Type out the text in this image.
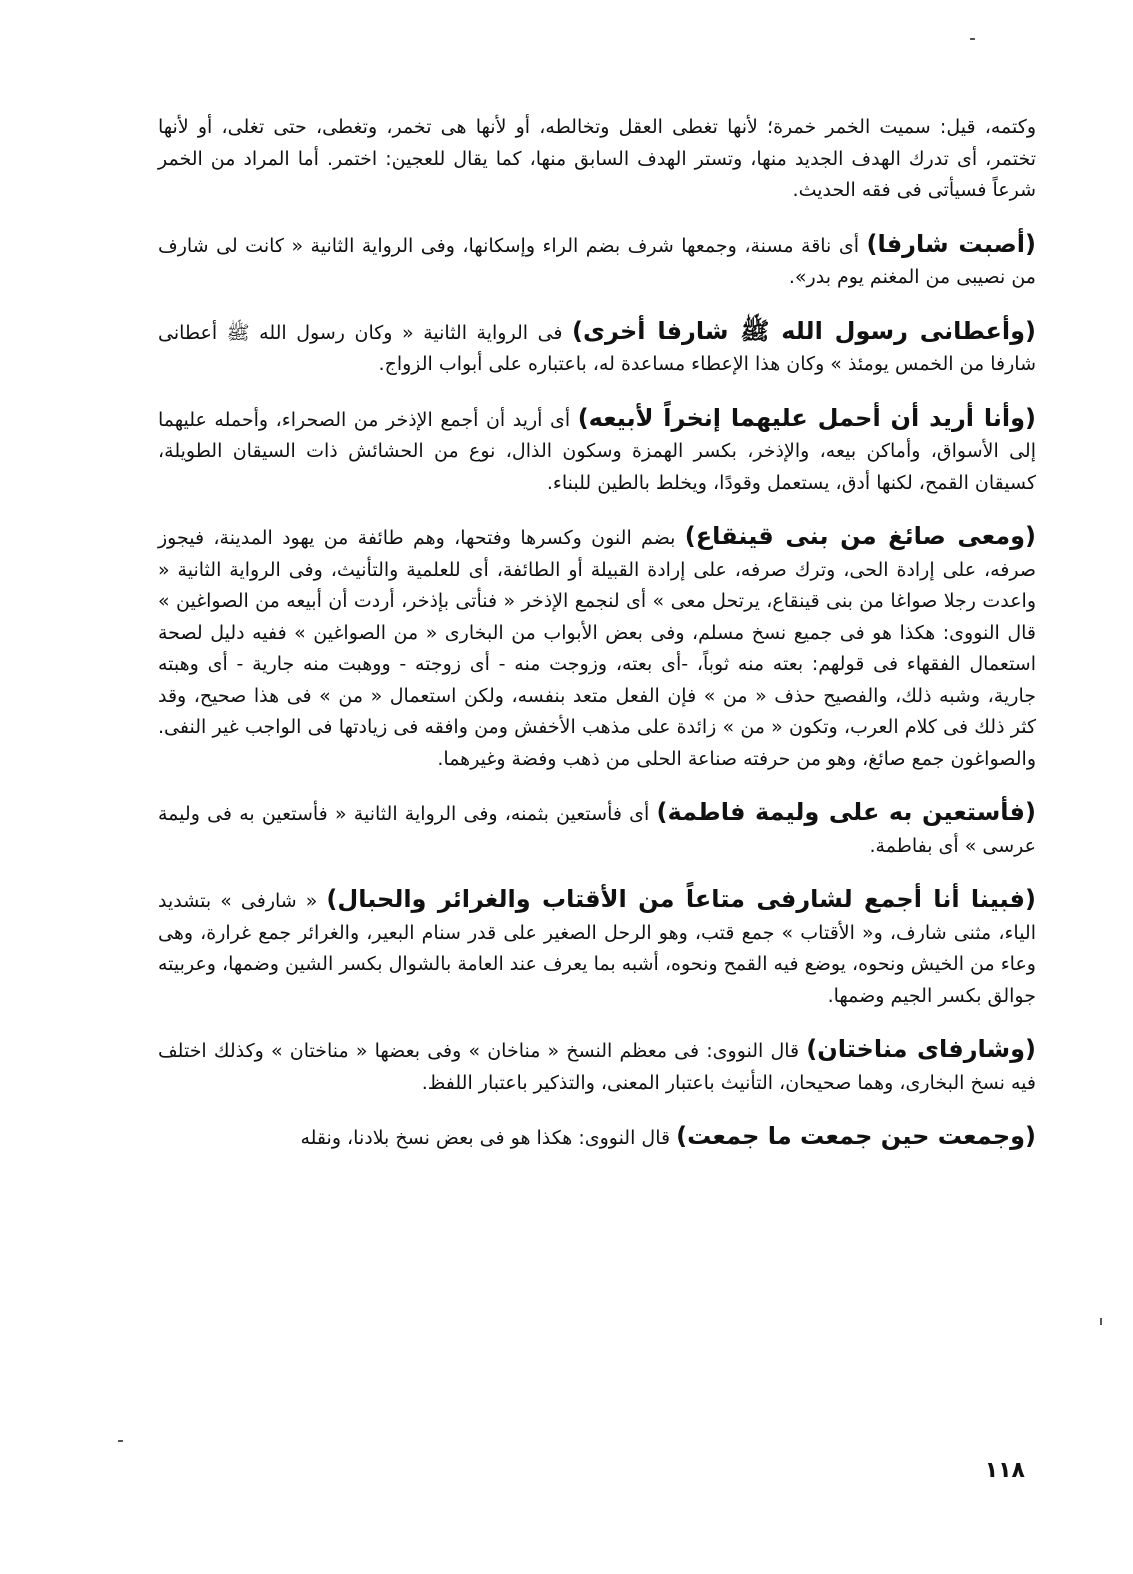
وكتمه، قيل: سميت الخمر خمرة؛ لأنها تغطى العقل وتخالطه، أو لأنها هى تخمر، وتغطى، حتى تغلى، أو لأنها تختمر، أى تدرك الهدف الجديد منها، وتستر الهدف السابق منها، كما يقال للعجين: اختمر. أما المراد من الخمر شرعاً فسيأتى فى فقه الحديث.

(أصبت شارفا) أى ناقة مسنة، وجمعها شرف بضم الراء وإسكانها، وفى الرواية الثانية « كانت لى شارف من نصيبى من المغنم يوم بدر».

(وأعطانى رسول الله ﷺ شارفا أخرى) فى الرواية الثانية « وكان رسول الله ﷺ أعطانى شارفا من الخمس يومئذ » وكان هذا الإعطاء مساعدة له، باعتباره على أبواب الزواج.

(وأنا أريد أن أحمل عليهما إنخراً لأبيعه) أى أريد أن أجمع الإذخر من الصحراء، وأحمله عليهما إلى الأسواق، وأماكن بيعه، والإذخر، بكسر الهمزة وسكون الذال، نوع من الحشائش ذات السيقان الطويلة، كسيقان القمح، لكنها أدق، يستعمل وقودًا، ويخلط بالطين للبناء.

(ومعى صائغ من بنى قينقاع) بضم النون وكسرها وفتحها، وهم طائفة من يهود المدينة، فيجوز صرفه، على إرادة الحى، وترك صرفه، على إرادة القبيلة أو الطائفة، أى للعلمية والتأنيث، وفى الرواية الثانية « واعدت رجلا صواغا من بنى قينقاع، يرتحل معى » أى لنجمع الإذخر « فنأتى بإذخر، أردت أن أبيعه من الصواغين » قال النووى: هكذا هو فى جميع نسخ مسلم، وفى بعض الأبواب من البخارى « من الصواغين » ففيه دليل لصحة استعمال الفقهاء فى قولهم: بعته منه ثوباً، -أى بعته، وزوجت منه - أى زوجته - ووهبت منه جارية - أى وهبته جارية، وشبه ذلك، والفصيح حذف « من » فإن الفعل متعد بنفسه، ولكن استعمال « من » فى هذا صحيح، وقد كثر ذلك فى كلام العرب، وتكون « من » زائدة على مذهب الأخفش ومن وافقه فى زيادتها فى الواجب غير النفى. والصواغون جمع صائغ، وهو من حرفته صناعة الحلى من ذهب وفضة وغيرهما.

(فأستعين به على وليمة فاطمة) أى فأستعين بثمنه، وفى الرواية الثانية « فأستعين به فى وليمة عرسى » أى بفاطمة.

(فبينا أنا أجمع لشارفى متاعاً من الأقتاب والغرائر والحبال) « شارفى » بتشديد الياء، مثنى شارف، و« الأقتاب » جمع قتب، وهو الرحل الصغير على قدر سنام البعير، والغرائر جمع غرارة، وهى وعاء من الخيش ونحوه، يوضع فيه القمح ونحوه، أشبه بما يعرف عند العامة بالشوال بكسر الشين وضمها، وعربيته جوالق بكسر الجيم وضمها.

(وشارفاى مناختان) قال النووى: فى معظم النسخ « مناخان » وفى بعضها « مناختان » وكذلك اختلف فيه نسخ البخارى، وهما صحيحان، التأنيث باعتبار المعنى، والتذكير باعتبار اللفظ.

(وجمعت حين جمعت ما جمعت) قال النووى: هكذا هو فى بعض نسخ بلادنا، ونقله

١١٨
